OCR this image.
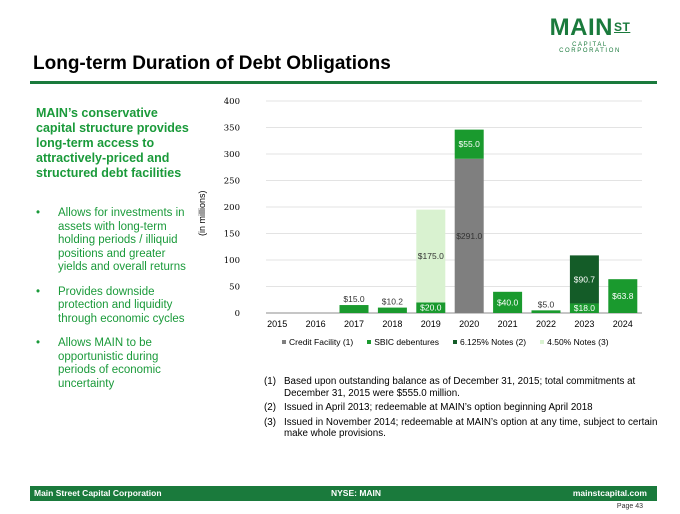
$MAIN^{ST}$
CAPITAL CORPORATION
Long-term Duration of Debt Obligations
MAIN’s conservative capital structure provides long-term access to attractively-priced and structured debt facilities
• Allows for investments in assets with long-term holding periods / illiquid positions and greater yields and overall returns
• Provides downside protection and liquidity through economic cycles
• Allows MAIN to be opportunistic during periods of economic uncertainty
(in millions)
0
50
100
150
200
250
300
350
400
2015 2016 2017 2018 2019 2020 2021 2022 2023 2024
$15.0 $10.2
$20.0
$175.0
$291.0
$55.0
$40.0 $5.0 $18.0
$90.7
$63.8
Credit Facility (1) SBIC debentures 6.125% Notes (2) 4.50% Notes (3)
(1) Based upon outstanding balance as of December 31, 2015; total commitments at December 31, 2015 were $555.0 million.
(2) Issued in April 2013; redeemable at MAIN’s option beginning April 2018
(3) Issued in November 2014; redeemable at MAIN’s option at any time, subject to certain make whole provisions.
Main Street Capital Corporation	NYSE: MAIN	mainstcapital.com
Page 43
